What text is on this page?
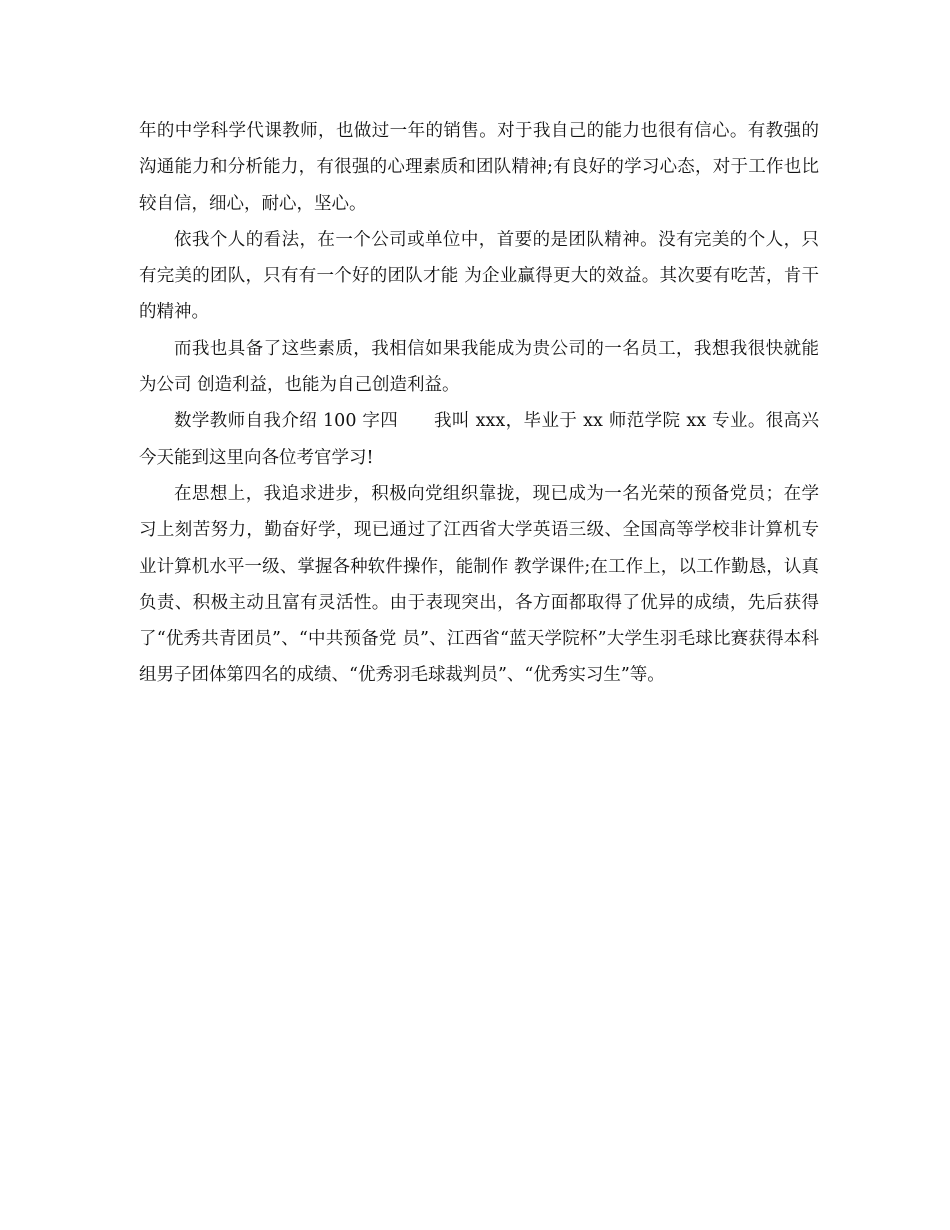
年的中学科学代课教师，也做过一年的销售。对于我自己的能力也很有信心。有教强的沟通能力和分析能力，有很强的心理素质和团队精神;有良好的学习心态，对于工作也比较自信，细心，耐心，坚心。

依我个人的看法，在一个公司或单位中，首要的是团队精神。没有完美的个人，只有完美的团队，只有有一个好的团队才能 为企业赢得更大的效益。其次要有吃苦，肯干的精神。

而我也具备了这些素质，我相信如果我能成为贵公司的一名员工，我想我很快就能为公司 创造利益，也能为自己创造利益。

数学教师自我介绍 100 字四　　我叫 xxx，毕业于 xx 师范学院 xx 专业。很高兴今天能到这里向各位考官学习!

在思想上，我追求进步，积极向党组织靠拢，现已成为一名光荣的预备党员；在学习上刻苦努力，勤奋好学，现已通过了江西省大学英语三级、全国高等学校非计算机专业计算机水平一级、掌握各种软件操作，能制作 教学课件;在工作上，以工作勤恳，认真负责、积极主动且富有灵活性。由于表现突出，各方面都取得了优异的成绩，先后获得了“优秀共青团员”、“中共预备党 员”、江西省“蓝天学院杯”大学生羽毛球比赛获得本科组男子团体第四名的成绩、“优秀羽毛球裁判员”、“优秀实习生”等。
